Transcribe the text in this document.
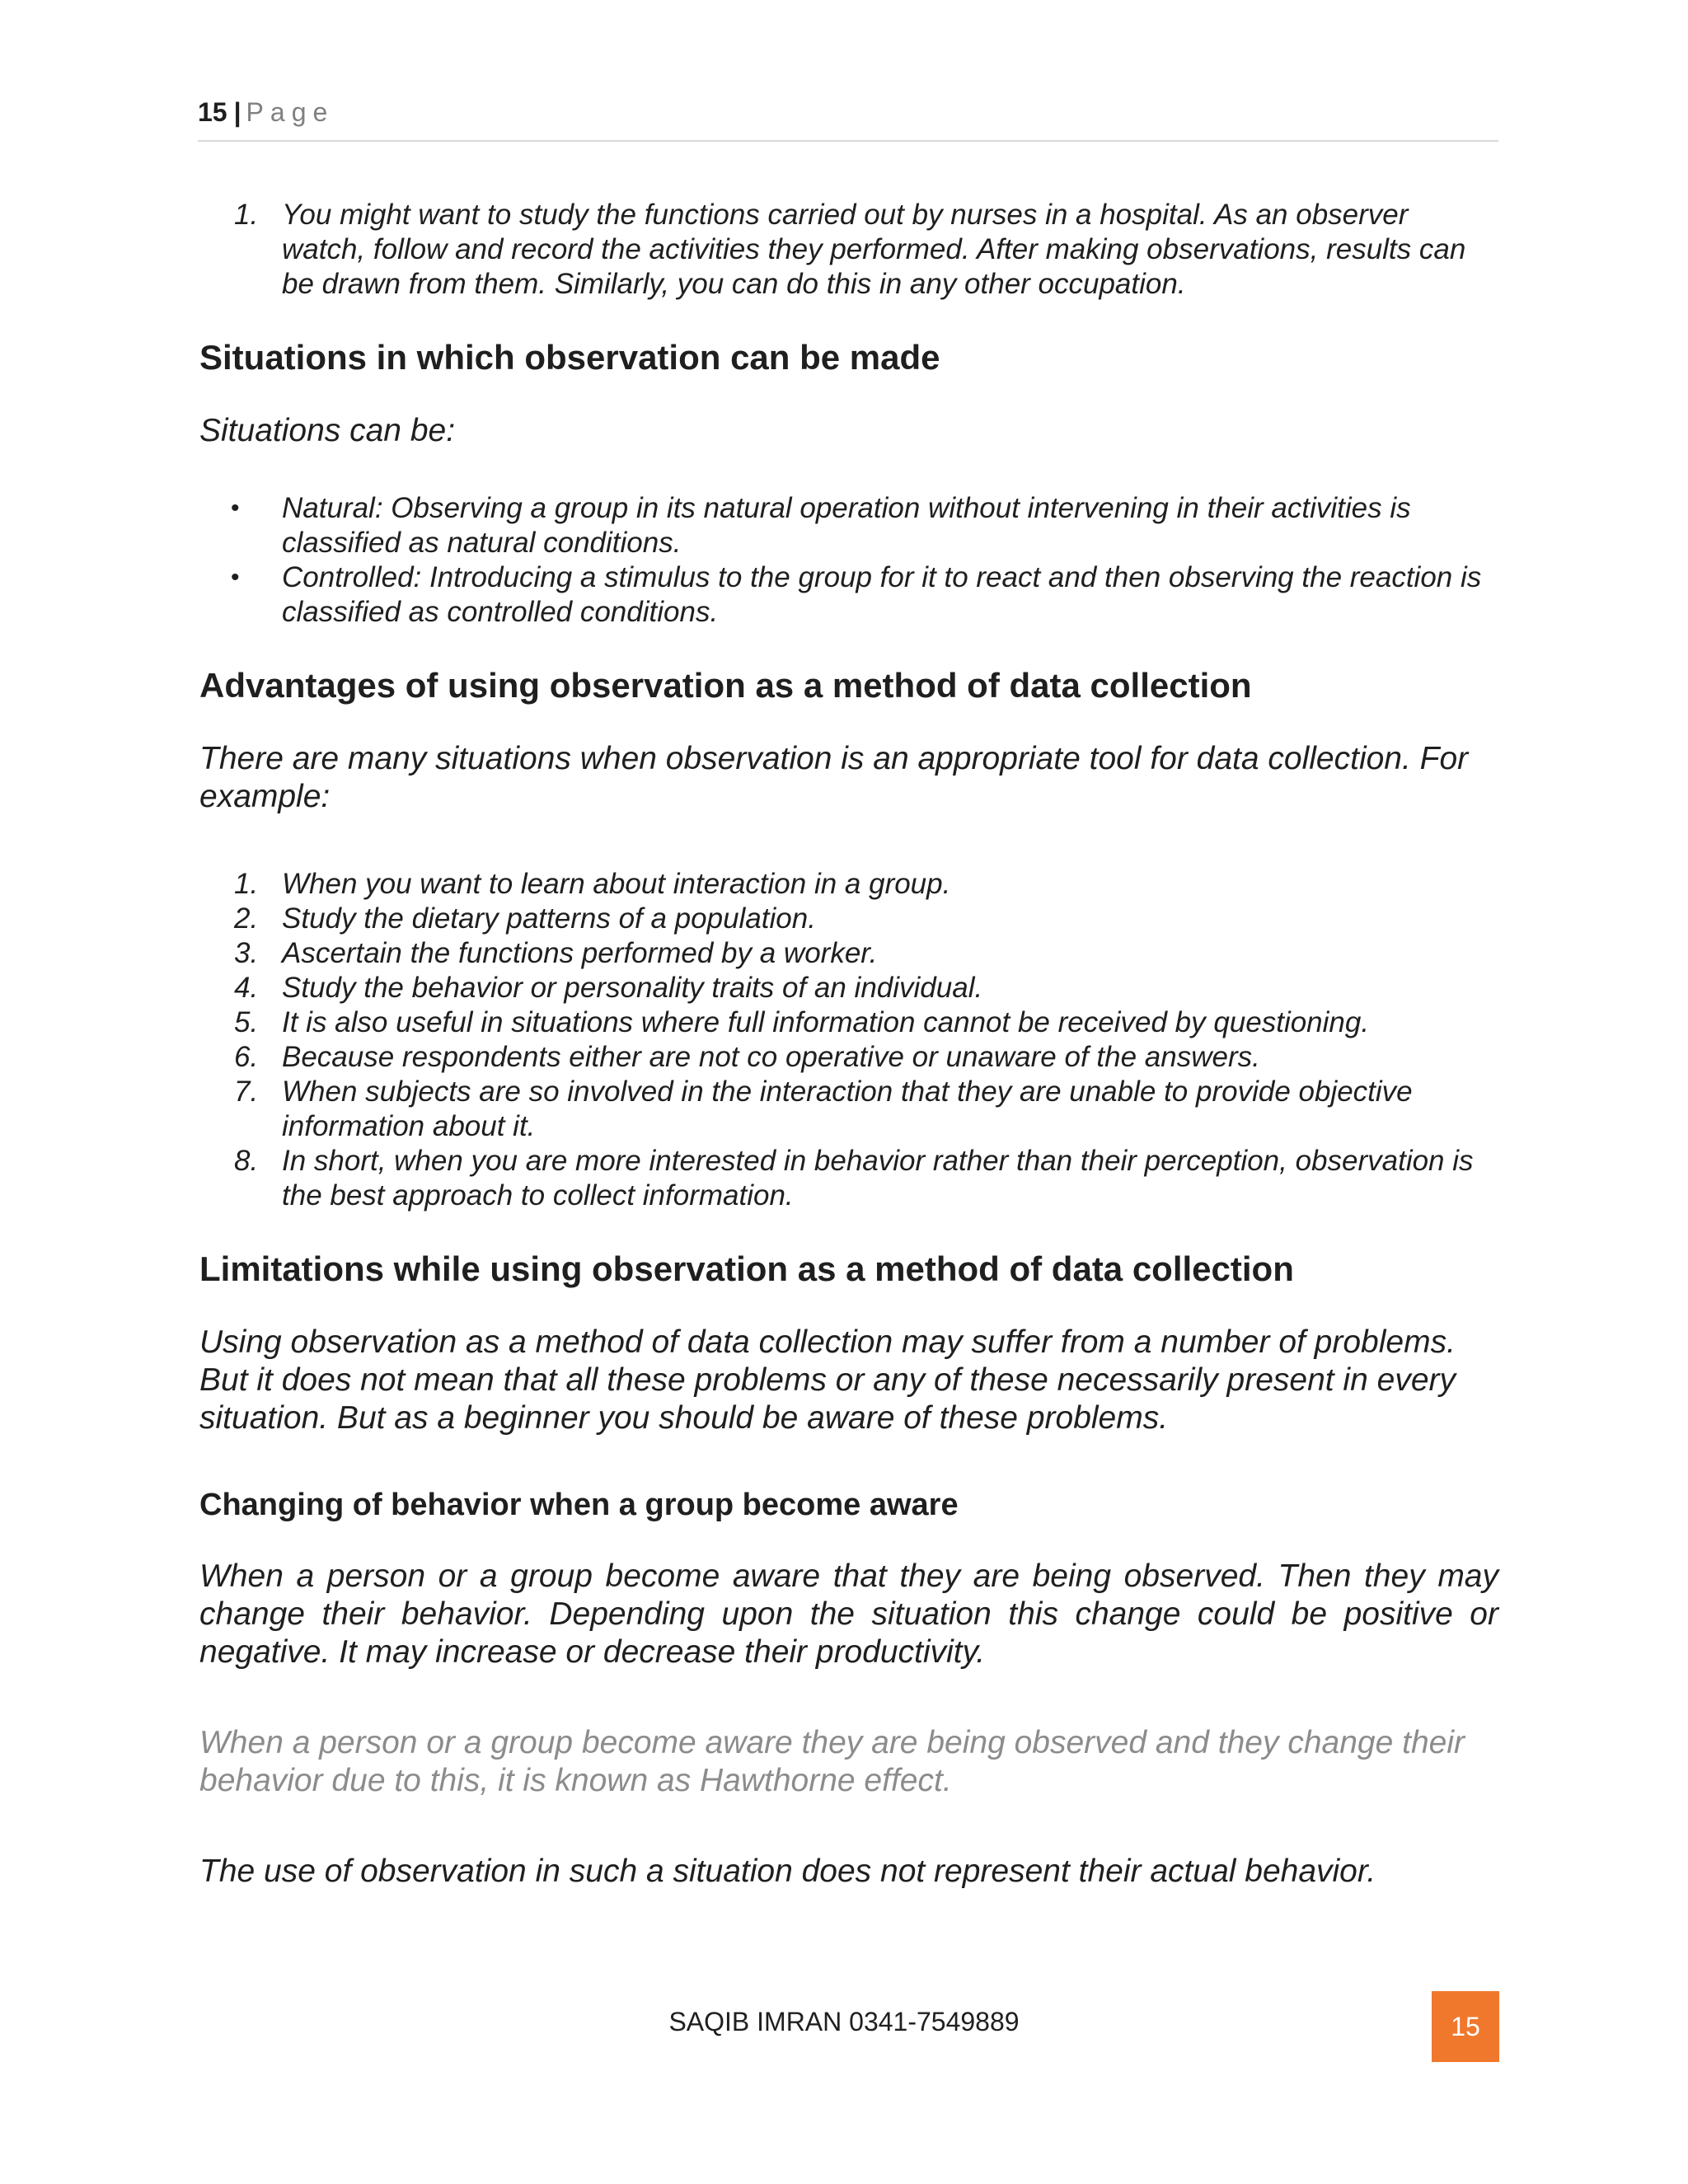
15 | Page
1. You might want to study the functions carried out by nurses in a hospital. As an observer watch, follow and record the activities they performed. After making observations, results can be drawn from them. Similarly, you can do this in any other occupation.
Situations in which observation can be made

Situations can be:

• Natural: Observing a group in its natural operation without intervening in their activities is classified as natural conditions.
• Controlled: Introducing a stimulus to the group for it to react and then observing the reaction is classified as controlled conditions.
Advantages of using observation as a method of data collection

There are many situations when observation is an appropriate tool for data collection. For example:

1. When you want to learn about interaction in a group.
2. Study the dietary patterns of a population.
3. Ascertain the functions performed by a worker.
4. Study the behavior or personality traits of an individual.
5. It is also useful in situations where full information cannot be received by questioning.
6. Because respondents either are not co operative or unaware of the answers.
7. When subjects are so involved in the interaction that they are unable to provide objective information about it.
8. In short, when you are more interested in behavior rather than their perception, observation is the best approach to collect information.
Limitations while using observation as a method of data collection

Using observation as a method of data collection may suffer from a number of problems. But it does not mean that all these problems or any of these necessarily present in every situation. But as a beginner you should be aware of these problems.

Changing of behavior when a group become aware

When a person or a group become aware that they are being observed. Then they may change their behavior. Depending upon the situation this change could be positive or negative. It may increase or decrease their productivity.

When a person or a group become aware they are being observed and they change their behavior due to this, it is known as Hawthorne effect.

The use of observation in such a situation does not represent their actual behavior.

SAQIB IMRAN 0341-7549889	15
